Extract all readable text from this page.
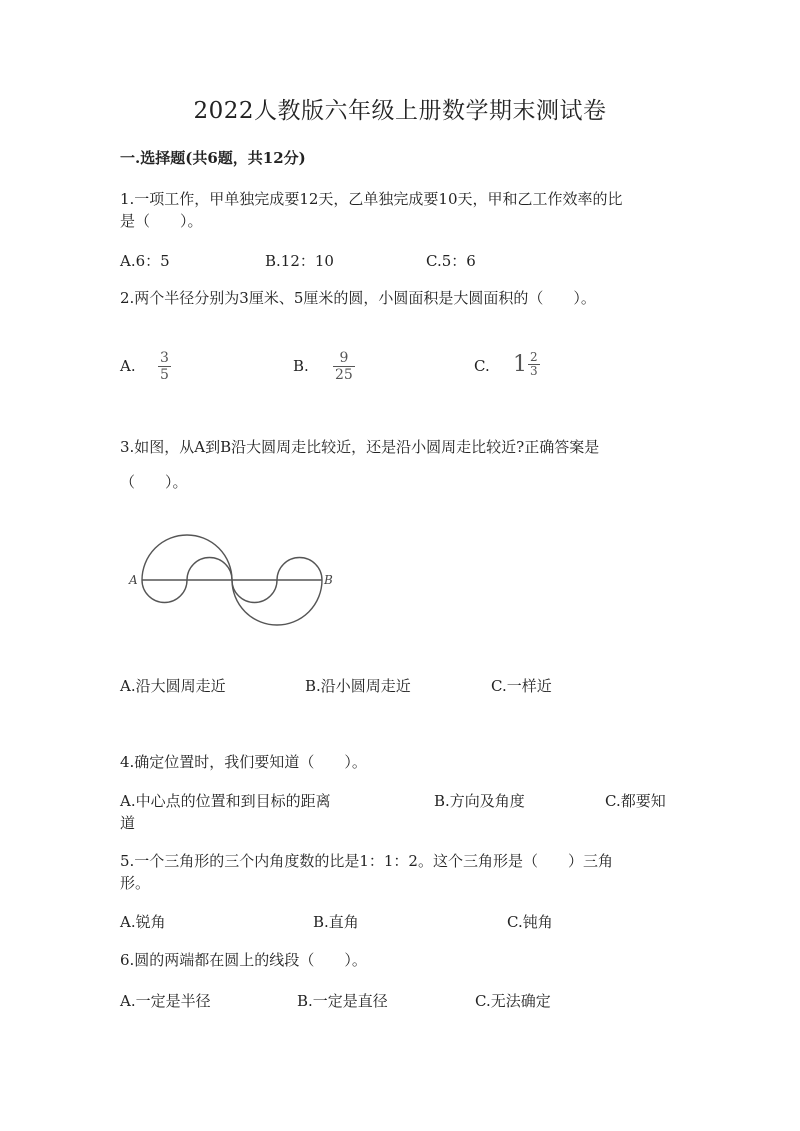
2022人教版六年级上册数学期末测试卷
一.选择题(共6题，共12分)
1.一项工作，甲单独完成要12天，乙单独完成要10天，甲和乙工作效率的比
是（　　）。
A.6：5	B.12：10	C.5：6
2.两个半径分别为3厘米、5厘米的圆，小圆面积是大圆面积的（　　）。
A. $\frac{3}{5}$	B. $\frac{9}{25}$	C. $1 \frac{2}{3}$
3.如图，从A到B沿大圆周走比较近，还是沿小圆周走比较近?正确答案是
（　　）。
A	B
A.沿大圆周走近	B.沿小圆周走近	C.一样近
4.确定位置时，我们要知道（　　）。
A.中心点的位置和到目标的距离	B.方向及角度	C.都要知
道
5.一个三角形的三个内角度数的比是1：1：2。这个三角形是（　　）三角
形。
A.锐角	B.直角	C.钝角
6.圆的两端都在圆上的线段（　　）。
A.一定是半径	B.一定是直径	C.无法确定
